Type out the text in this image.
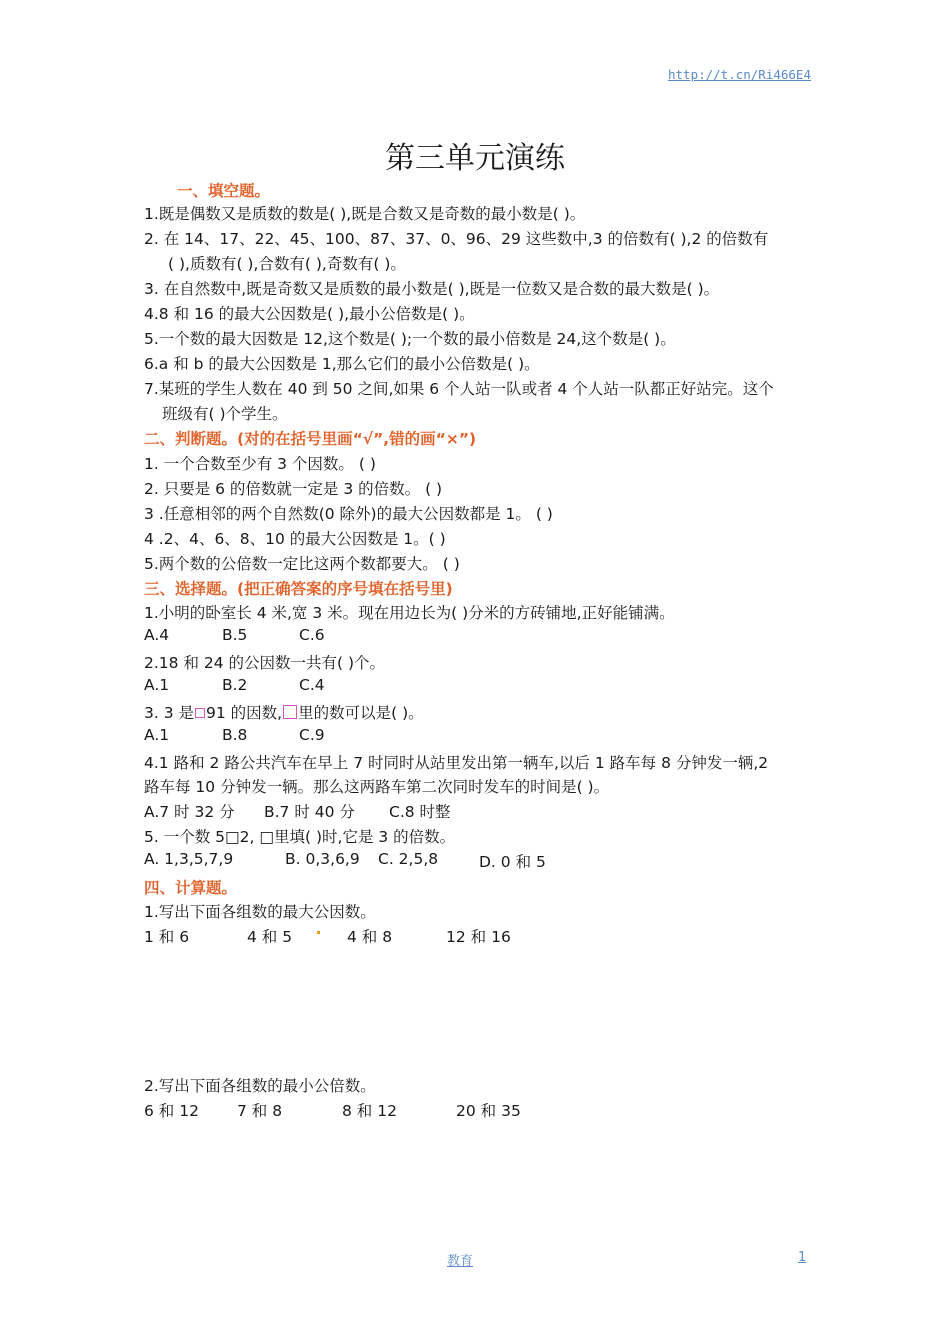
http://t.cn/Ri466E4
第三单元演练
一、填空题。
1.既是偶数又是质数的数是( ),既是合数又是奇数的最小数是( )。
2. 在 14、17、22、45、100、87、37、0、96、29 这些数中,3 的倍数有( ),2 的倍数有
( ),质数有( ),合数有( ),奇数有( )。
3. 在自然数中,既是奇数又是质数的最小数是( ),既是一位数又是合数的最大数是( )。
4.8 和 16 的最大公因数是( ),最小公倍数是( )。
5.一个数的最大因数是 12,这个数是( );一个数的最小倍数是 24,这个数是( )。
6.a 和 b 的最大公因数是 1,那么它们的最小公倍数是( )。
7.某班的学生人数在 40 到 50 之间,如果 6 个人站一队或者 4 个人站一队都正好站完。这个
班级有( )个学生。
二、判断题。(对的在括号里画“√”,错的画“×”)
1. 一个合数至少有 3 个因数。 ( )
2. 只要是 6 的倍数就一定是 3 的倍数。 ( )
3 .任意相邻的两个自然数(0 除外)的最大公因数都是 1。 ( )
4 .2、4、6、8、10 的最大公因数是 1。( )
5.两个数的公倍数一定比这两个数都要大。 ( )
三、选择题。(把正确答案的序号填在括号里)
1.小明的卧室长 4 米,宽 3 米。现在用边长为( )分米的方砖铺地,正好能铺满。
A.4	B.5	C.6
2.18 和 24 的公因数一共有( )个。
A.1	B.2	C.4
3. 3 是 91 的因数, 里的数可以是( )。
A.1	B.8	C.9
4.1 路和 2 路公共汽车在早上 7 时同时从站里发出第一辆车,以后 1 路车每 8 分钟发一辆,2
路车每 10 分钟发一辆。那么这两路车第二次同时发车的时间是( )。
A.7 时 32 分 B.7 时 40 分 C.8 时整
5. 一个数 5□2, □里填( )时,它是 3 的倍数。
A. 1,3,5,7,9	B. 0,3,6,9 C. 2,5,8	D. 0 和 5
四、计算题。
1.写出下面各组数的最大公因数。
1 和 6	4 和 5	4 和 8	12 和 16
2.写出下面各组数的最小公倍数。
6 和 12 7 和 8	8 和 12	20 和 35
教育	1
